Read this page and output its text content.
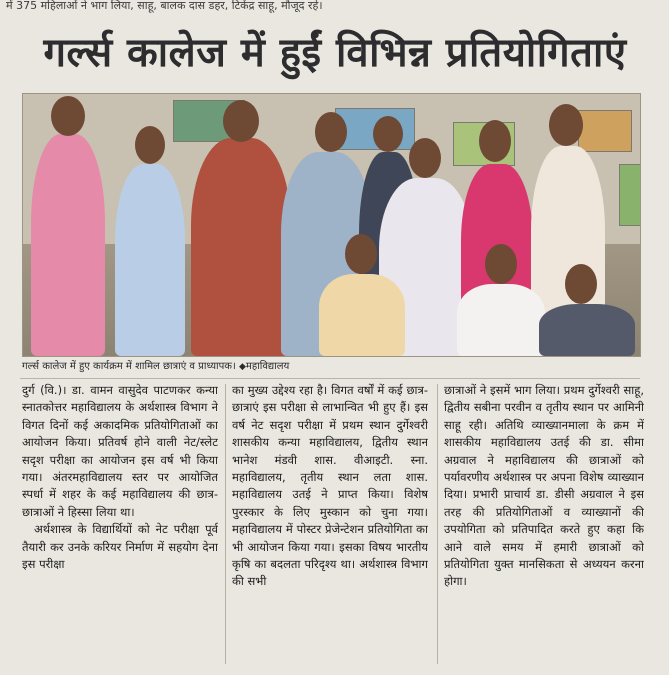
में 375 महिलाओं ने भाग लिया, साहू, बालक दास डहर, टिकेंद्र साहू, मौजूद रहे।
गर्ल्स कालेज में हुईं विभिन्न प्रतियोगिताएं
गर्ल्स कालेज में हुए कार्यक्रम में शामिल छात्राएं व प्राध्यापक। ◆महाविद्यालय

दुर्ग (वि.)। डा. वामन वासुदेव पाटणकर कन्या स्नातकोत्तर महाविद्यालय के अर्थशास्त्र विभाग ने विगत दिनों कई अकादमिक प्रतियोगिताओं का आयोजन किया। प्रतिवर्ष होने वाली नेट/स्लेट सदृश परीक्षा का आयोजन इस वर्ष भी किया गया। अंतरमहाविद्यालय स्तर पर आयोजित स्पर्धा में शहर के कई महाविद्यालय की छात्र-छात्राओं ने हिस्सा लिया था।

अर्थशास्त्र के विद्यार्थियों को नेट परीक्षा पूर्व तैयारी कर उनके करियर निर्माण में सहयोग देना इस परीक्षा

का मुख्य उद्देश्य रहा है। विगत वर्षों में कई छात्र-छात्राएं इस परीक्षा से लाभान्वित भी हुए हैं। इस वर्ष नेट सदृश परीक्षा में प्रथम स्थान दुर्गेश्वरी शासकीय कन्या महाविद्यालय, द्वितीय स्थान भानेश मंडवी शास. वीआइटी. स्ना. महाविद्यालय, तृतीय स्थान लता शास. महाविद्यालय उतई ने प्राप्त किया। विशेष पुरस्कार के लिए मुस्कान को चुना गया। महाविद्यालय में पोस्टर प्रेजेन्टेशन प्रतियोगिता का भी आयोजन किया गया। इसका विषय भारतीय कृषि का बदलता परिदृश्य था। अर्थशास्त्र विभाग की सभी

छात्राओं ने इसमें भाग लिया। प्रथम दुर्गेश्वरी साहू, द्वितीय सबीना परवीन व तृतीय स्थान पर आमिनी साहू रही। अतिथि व्याख्यानमाला के क्रम में शासकीय महाविद्यालय उतई की डा. सीमा अग्रवाल ने महाविद्यालय की छात्राओं को पर्यावरणीय अर्थशास्त्र पर अपना विशेष व्याख्यान दिया। प्रभारी प्राचार्य डा. डीसी अग्रवाल ने इस तरह की प्रतियोगिताओं व व्याख्यानों की उपयोगिता को प्रतिपादित करते हुए कहा कि आने वाले समय में हमारी छात्राओं को प्रतियोगिता युक्त मानसिकता से अध्ययन करना होगा।
